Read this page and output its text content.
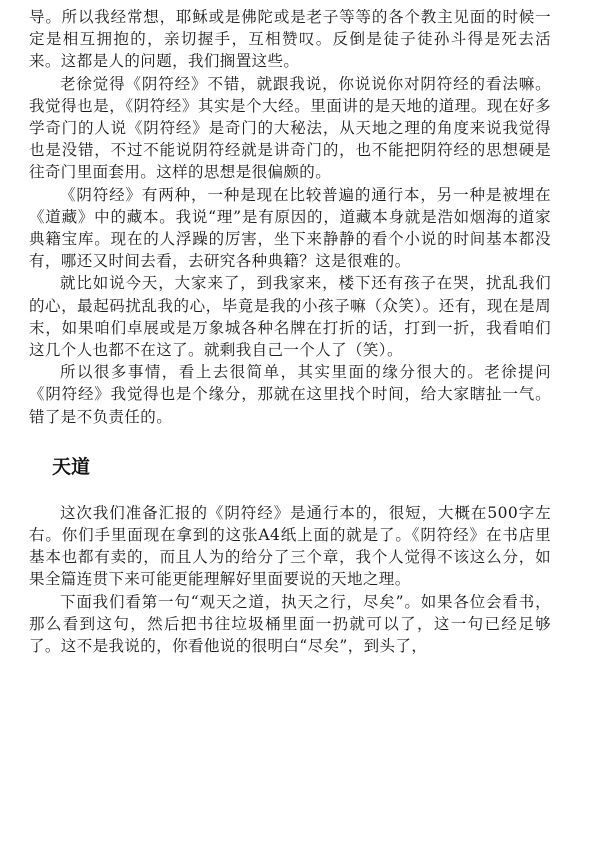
导。所以我经常想，耶稣或是佛陀或是老子等等的各个教主见面的时候一定是相互拥抱的，亲切握手，互相赞叹。反倒是徒子徒孙斗得是死去活来。这都是人的问题，我们搁置这些。

老徐觉得《阴符经》不错，就跟我说，你说说你对阴符经的看法嘛。我觉得也是，《阴符经》其实是个大经。里面讲的是天地的道理。现在好多学奇门的人说《阴符经》是奇门的大秘法，从天地之理的角度来说我觉得也是没错，不过不能说阴符经就是讲奇门的，也不能把阴符经的思想硬是往奇门里面套用。这样的思想是很偏颇的。

《阴符经》有两种，一种是现在比较普遍的通行本，另一种是被埋在《道藏》中的藏本。我说“理”是有原因的，道藏本身就是浩如烟海的道家典籍宝库。现在的人浮躁的厉害，坐下来静静的看个小说的时间基本都没有，哪还又时间去看，去研究各种典籍？这是很难的。

就比如说今天，大家来了，到我家来，楼下还有孩子在哭，扰乱我们的心，最起码扰乱我的心，毕竟是我的小孩子嘛（众笑）。还有，现在是周末，如果咱们卓展或是万象城各种名牌在打折的话，打到一折，我看咱们这几个人也都不在这了。就剩我自己一个人了（笑）。

所以很多事情，看上去很简单，其实里面的缘分很大的。老徐提问《阴符经》我觉得也是个缘分，那就在这里找个时间，给大家瞎扯一气。错了是不负责任的。

天道

这次我们准备汇报的《阴符经》是通行本的，很短，大概在500字左右。你们手里面现在拿到的这张A4纸上面的就是了。《阴符经》在书店里基本也都有卖的，而且人为的给分了三个章，我个人觉得不该这么分，如果全篇连贯下来可能更能理解好里面要说的天地之理。

下面我们看第一句“观天之道，执天之行，尽矣”。如果各位会看书，那么看到这句，然后把书往垃圾桶里面一扔就可以了，这一句已经足够了。这不是我说的，你看他说的很明白“尽矣”，到头了，
